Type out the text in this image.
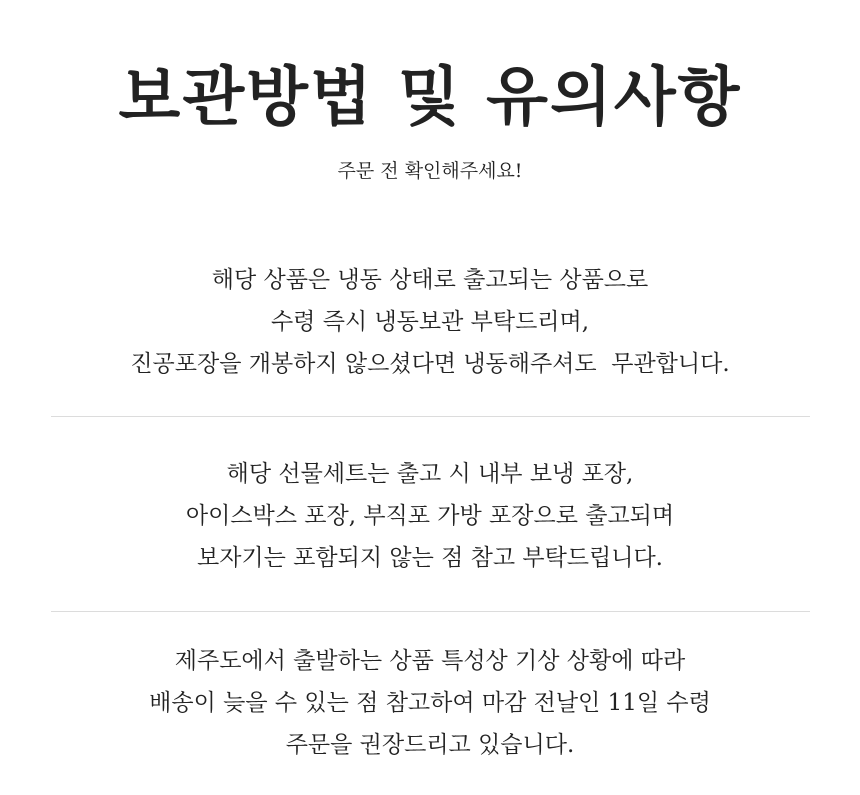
보관방법 및 유의사항

주문 전 확인해주세요!

해당 상품은 냉동 상태로 출고되는 상품으로
수령 즉시 냉동보관 부탁드리며,
진공포장을 개봉하지 않으셨다면 냉동해주셔도  무관합니다.
해당 선물세트는 출고 시 내부 보냉 포장,
아이스박스 포장, 부직포 가방 포장으로 출고되며
보자기는 포함되지 않는 점 참고 부탁드립니다.
제주도에서 출발하는 상품 특성상 기상 상황에 따라
배송이 늦을 수 있는 점 참고하여 마감 전날인 11일 수령
주문을 권장드리고 있습니다.
